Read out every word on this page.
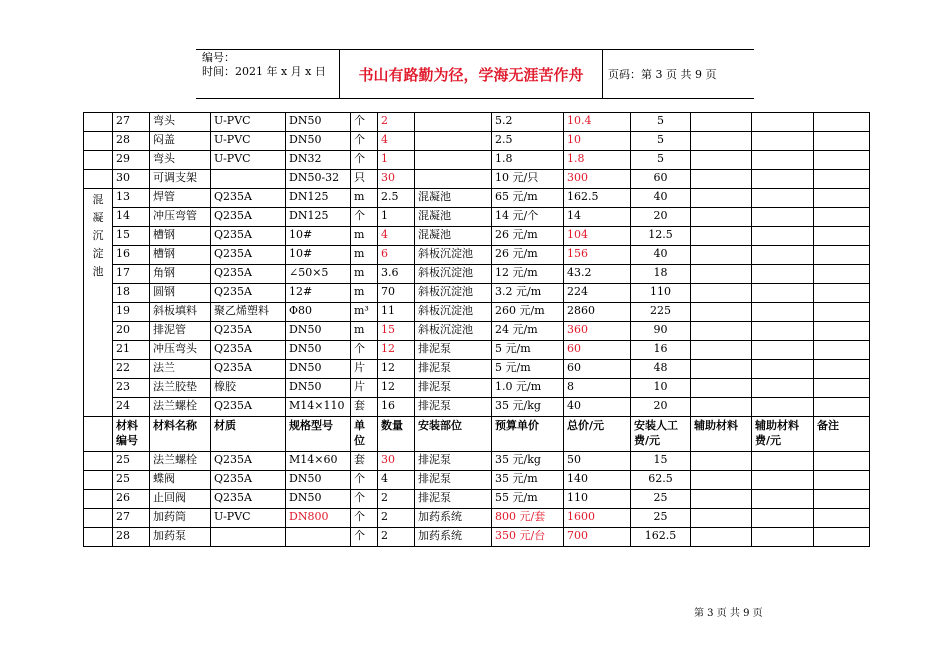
编号：
时间：2021 年 x 月 x 日	书山有路勤为径，学海无涯苦作舟	页码：第 3 页 共 9 页
	27	弯头	U-PVC	DN50	个	2		5.2	10.4	5			
	28	闷盖	U-PVC	DN50	个	4		2.5	10	5			
	29	弯头	U-PVC	DN32	个	1		1.8	1.8	5			
	30	可调支架		DN50-32	只	30		10 元/只	300	60			

混
凝
沉
淀
池	13	焊管	Q235A	DN125	m	2.5	混凝池	65 元/m	162.5	40			
	14	冲压弯管	Q235A	DN125	个	1	混凝池	14 元/个	14	20			
	15	槽钢	Q235A	10#	m	4	混凝池	26 元/m	104	12.5			
	16	槽钢	Q235A	10#	m	6	斜板沉淀池	26 元/m	156	40			
	17	角钢	Q235A	∠50×5	m	3.6	斜板沉淀池	12 元/m	43.2	18			
	18	圆钢	Q235A	12#	m	70	斜板沉淀池	3.2 元/m	224	110			
	19	斜板填料	聚乙烯塑料	Φ80	m³	11	斜板沉淀池	260 元/m	2860	225			
	20	排泥管	Q235A	DN50	m	15	斜板沉淀池	24 元/m	360	90			
	21	冲压弯头	Q235A	DN50	个	12	排泥泵	5 元/m	60	16			
	22	法兰	Q235A	DN50	片	12	排泥泵	5 元/m	60	48			
	23	法兰胶垫	橡胶	DN50	片	12	排泥泵	1.0 元/m	8	10			
	24	法兰螺栓	Q235A	M14×110	套	16	排泥泵	35 元/kg	40	20			
	材料编号	材料名称	材质	规格型号	单位	数量	安装部位	预算单价	总价/元	安装人工费/元	辅助材料	辅助材料费/元	备注
	25	法兰螺栓	Q235A	M14×60	套	30	排泥泵	35 元/kg	50	15			
	25	蝶阀	Q235A	DN50	个	4	排泥泵	35 元/m	140	62.5			
	26	止回阀	Q235A	DN50	个	2	排泥泵	55 元/m	110	25			
	27	加药筒	U-PVC	DN800	个	2	加药系统	800 元/套	1600	25			
	28	加药泵			个	2	加药系统	350 元/台	700	162.5			
第 3 页 共 9 页
